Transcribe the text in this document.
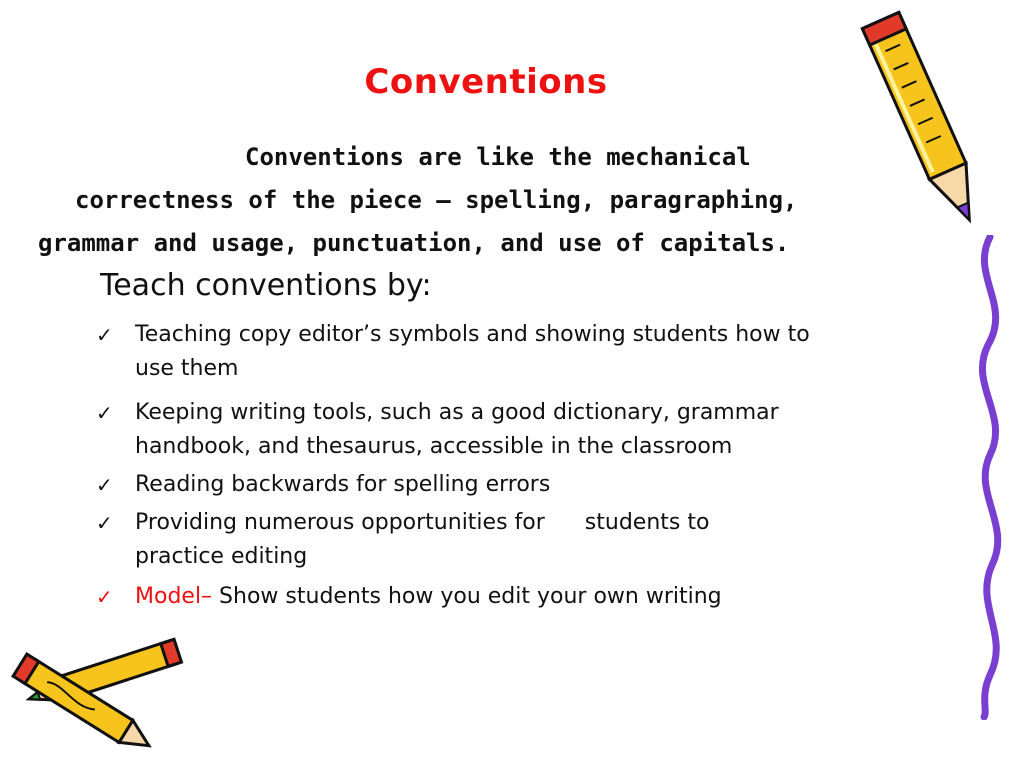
Conventions
Conventions are like the mechanical
correctness of the piece – spelling, paragraphing,
grammar and usage, punctuation, and use of capitals.
Teach conventions by:
✓ Teaching copy editor’s symbols and showing students how to
use them
✓ Keeping writing tools, such as a good dictionary, grammar
handbook, and thesaurus, accessible in the classroom
✓ Reading backwards for spelling errors
✓ Providing numerous opportunities for students to
practice editing
✓ Model– Show students how you edit your own writing
